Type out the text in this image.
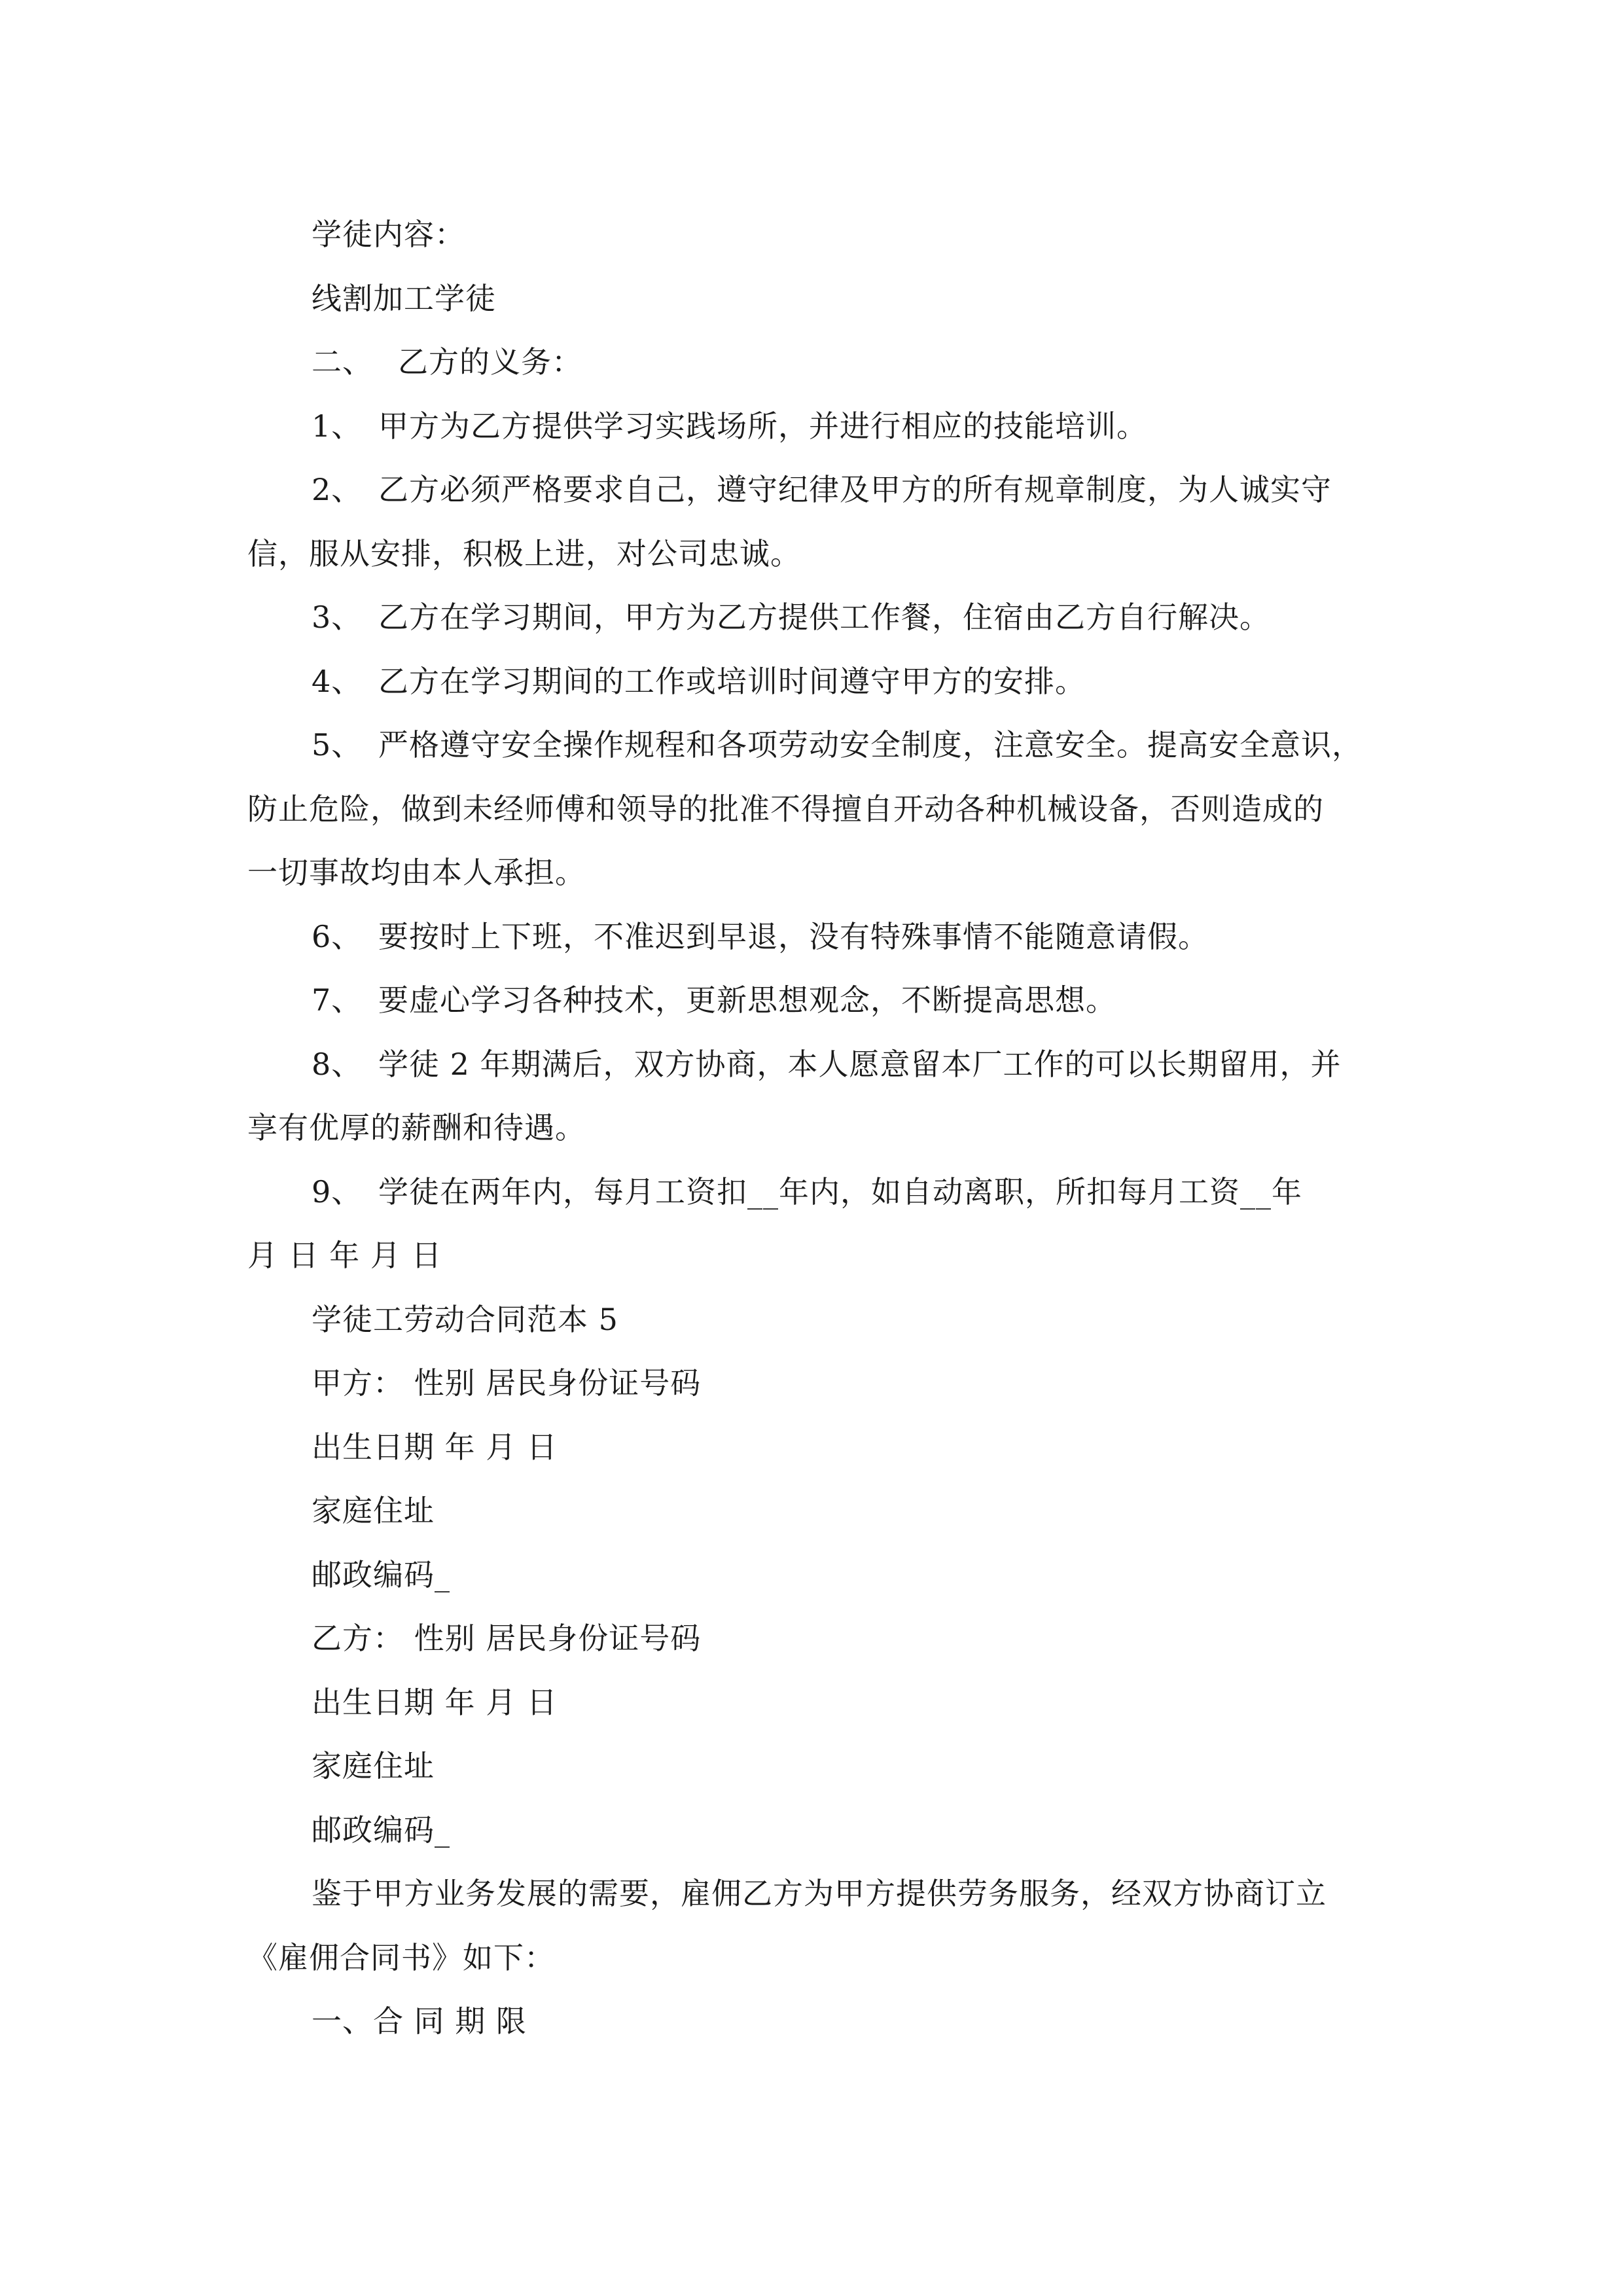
学徒内容：
线割加工学徒
二、 乙方的义务：
1、 甲方为乙方提供学习实践场所，并进行相应的技能培训。
2、 乙方必须严格要求自己，遵守纪律及甲方的所有规章制度，为人诚实守
信，服从安排，积极上进，对公司忠诚。
3、 乙方在学习期间，甲方为乙方提供工作餐，住宿由乙方自行解决。
4、 乙方在学习期间的工作或培训时间遵守甲方的安排。
5、 严格遵守安全操作规程和各项劳动安全制度，注意安全。提高安全意识，
防止危险，做到未经师傅和领导的批准不得擅自开动各种机械设备，否则造成的
一切事故均由本人承担。
6、 要按时上下班，不准迟到早退，没有特殊事情不能随意请假。
7、 要虚心学习各种技术，更新思想观念，不断提高思想。
8、 学徒 2 年期满后，双方协商，本人愿意留本厂工作的可以长期留用，并
享有优厚的薪酬和待遇。
9、 学徒在两年内，每月工资扣__年内，如自动离职，所扣每月工资__年
月 日 年 月 日
学徒工劳动合同范本 5
甲方： 性别 居民身份证号码
出生日期 年 月 日
家庭住址
邮政编码_
乙方： 性别 居民身份证号码
出生日期 年 月 日
家庭住址
邮政编码_
鉴于甲方业务发展的需要，雇佣乙方为甲方提供劳务服务，经双方协商订立
《雇佣合同书》如下：
一、合 同 期 限
